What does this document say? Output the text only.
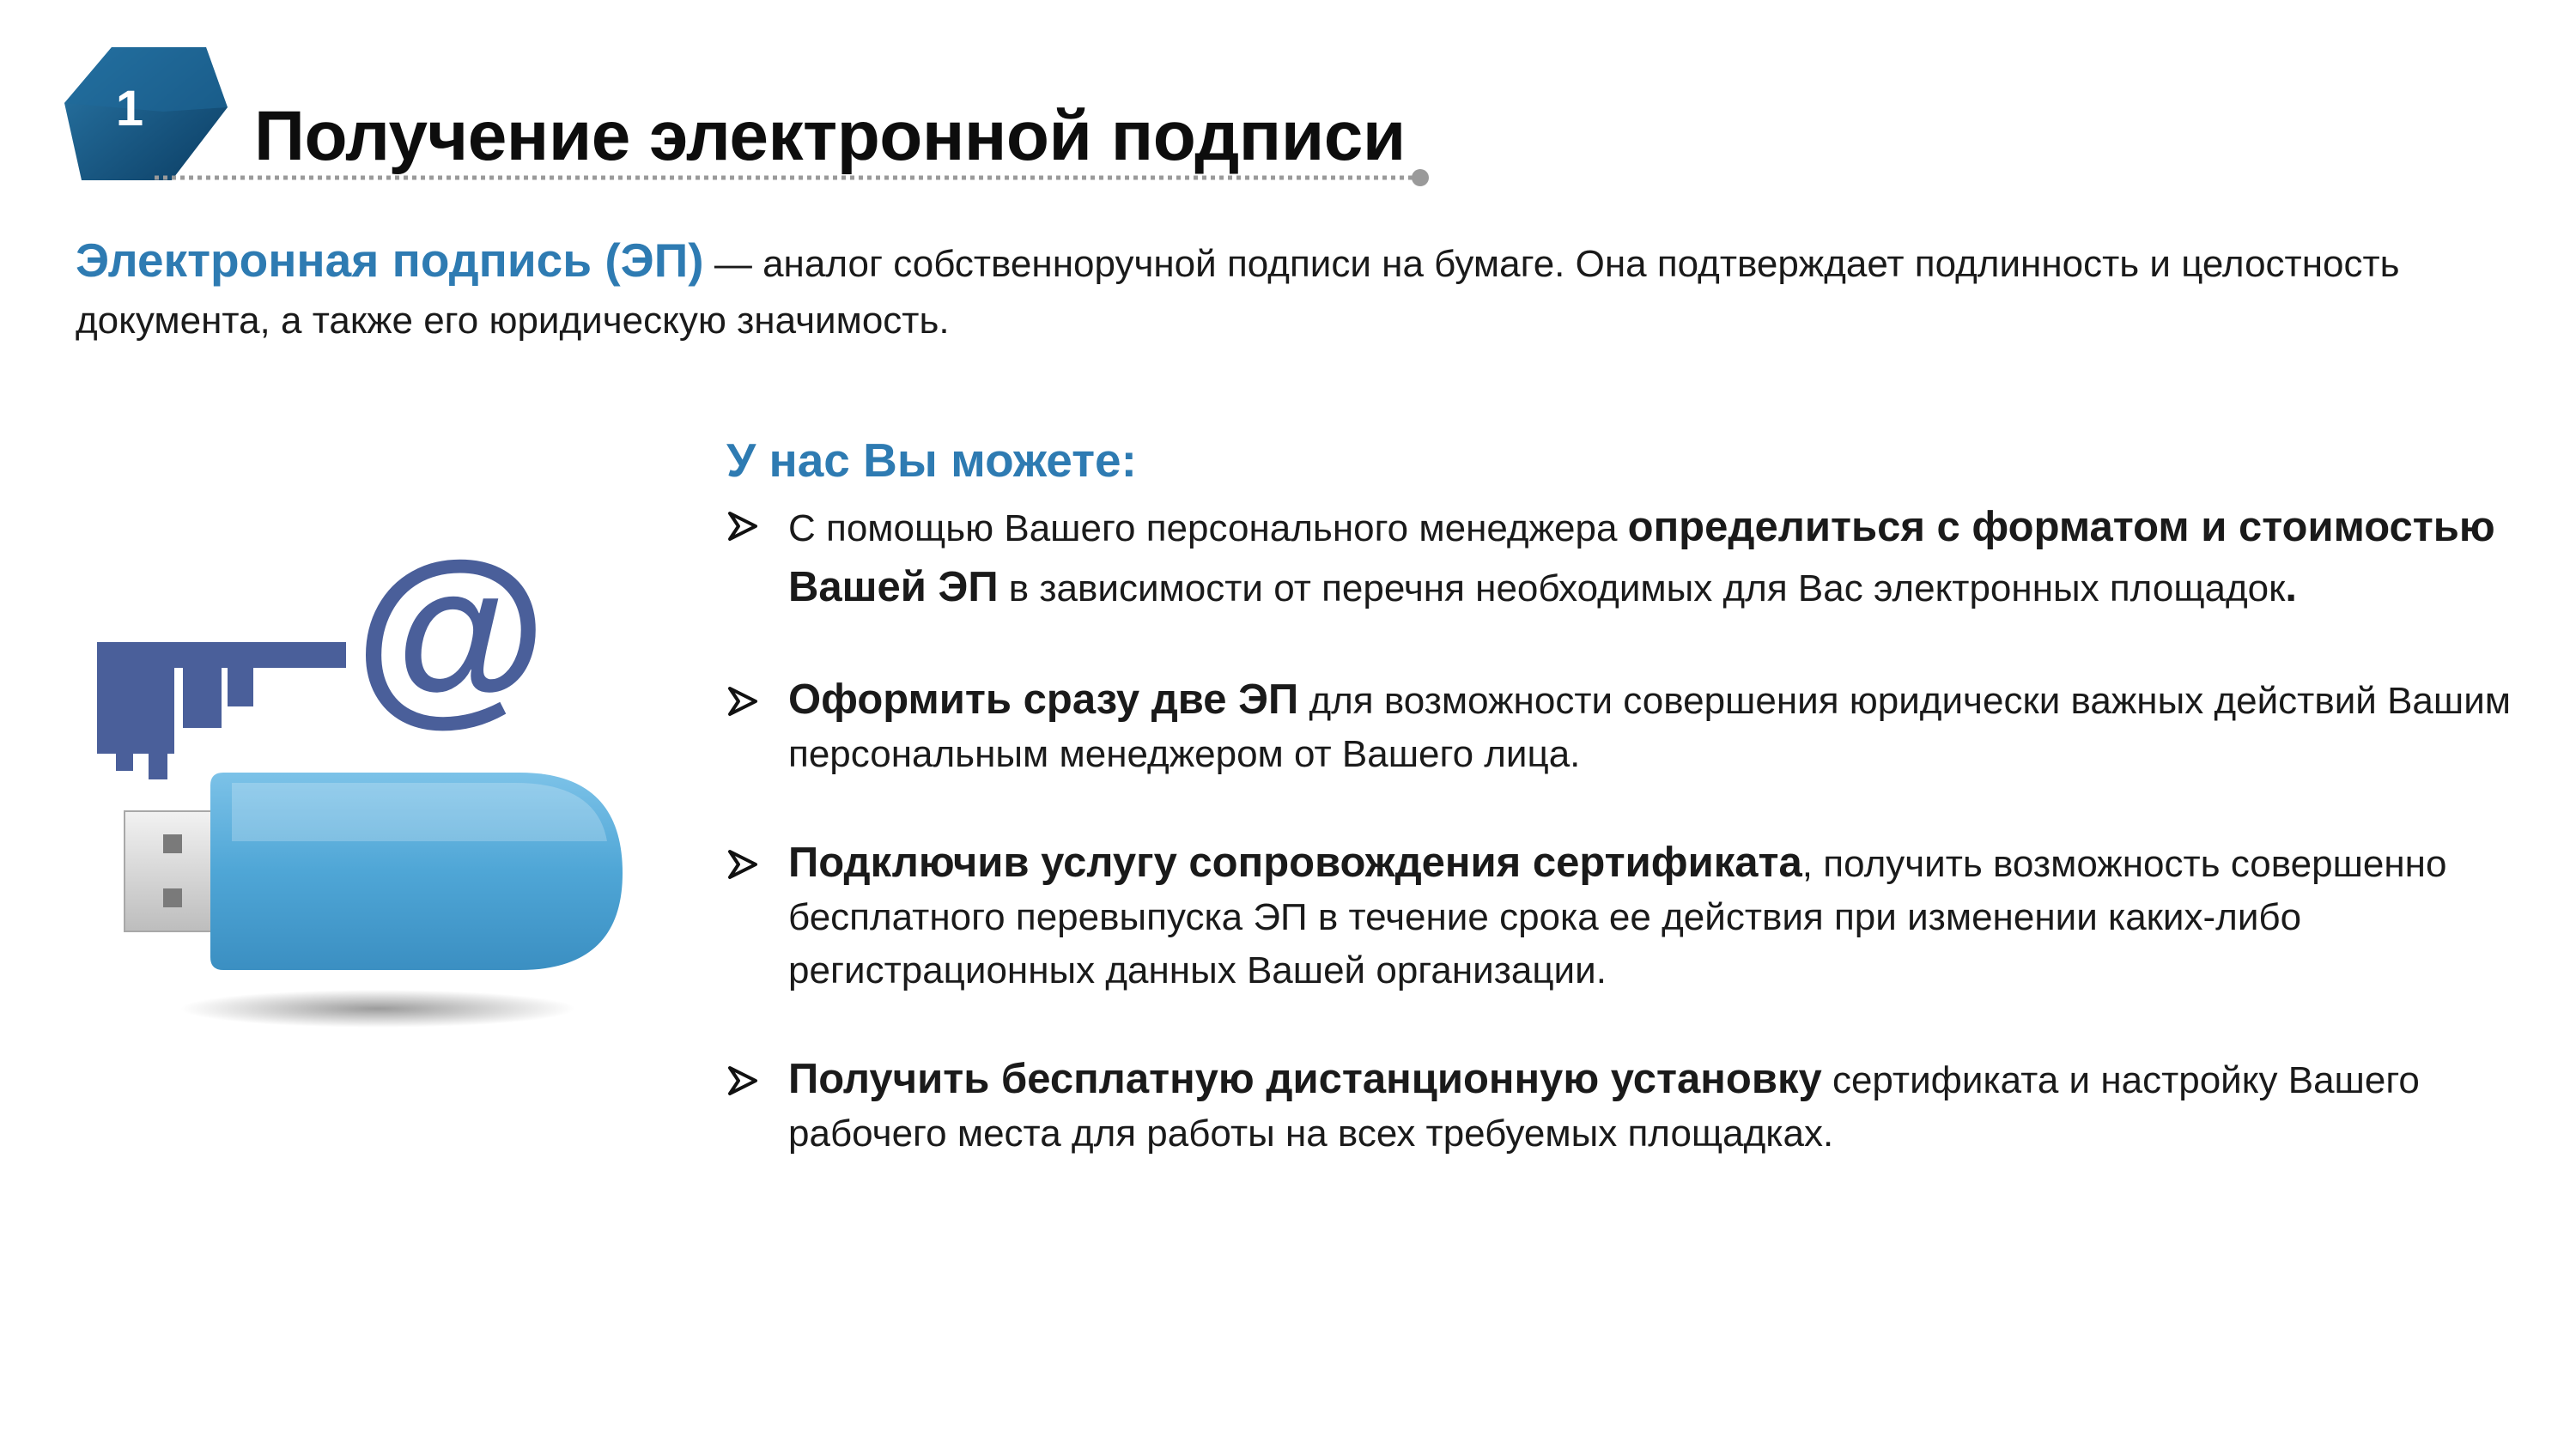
1	Получение электронной подписи

Электронная подпись (ЭП) — аналог собственноручной подписи на бумаге. Она подтверждает подлинность и целостность документа, а также его юридическую значимость.

@
У нас Вы можете:
С помощью Вашего персонального менеджера определиться с форматом и стоимостью Вашей ЭП в зависимости от перечня необходимых для Вас электронных площадок.
Оформить сразу две ЭП для возможности совершения юридически важных действий Вашим персональным менеджером от Вашего лица.
Подключив услугу сопровождения сертификата, получить возможность совершенно бесплатного перевыпуска ЭП в течение срока ее действия при изменении каких-либо регистрационных данных Вашей организации.
Получить бесплатную дистанционную установку сертификата и настройку Вашего рабочего места для работы на всех требуемых площадках.
